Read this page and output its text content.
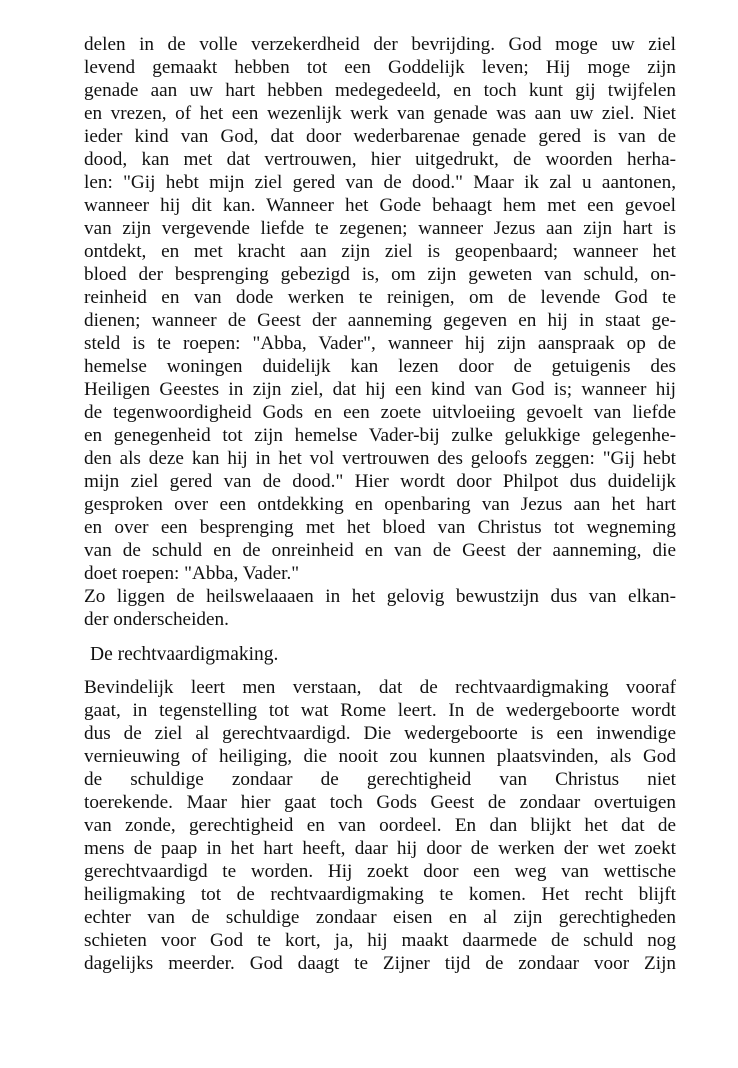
delen in de volle verzekerdheid der bevrijding. God moge uw ziel
levend gemaakt hebben tot een Goddelijk leven; Hij moge zijn
genade aan uw hart hebben medegedeeld, en toch kunt gij twijfelen
en vrezen, of het een wezenlijk werk van genade was aan uw ziel. Niet
ieder kind van God, dat door wederbarenae genade gered is van de
dood, kan met dat vertrouwen, hier uitgedrukt, de woorden herha-
len: "Gij hebt mijn ziel gered van de dood." Maar ik zal u aantonen,
wanneer hij dit kan. Wanneer het Gode behaagt hem met een gevoel
van zijn vergevende liefde te zegenen; wanneer Jezus aan zijn hart is
ontdekt, en met kracht aan zijn ziel is geopenbaard; wanneer het
bloed der besprenging gebezigd is, om zijn geweten van schuld, on-
reinheid en van dode werken te reinigen, om de levende God te
dienen; wanneer de Geest der aanneming gegeven en hij in staat ge-
steld is te roepen: "Abba, Vader", wanneer hij zijn aanspraak op de
hemelse woningen duidelijk kan lezen door de getuigenis des
Heiligen Geestes in zijn ziel, dat hij een kind van God is; wanneer hij
de tegenwoordigheid Gods en een zoete uitvloeiing gevoelt van liefde
en genegenheid tot zijn hemelse Vader-bij zulke gelukkige gelegenhe-
den als deze kan hij in het vol vertrouwen des geloofs zeggen: "Gij hebt
mijn ziel gered van de dood." Hier wordt door Philpot dus duidelijk
gesproken over een ontdekking en openbaring van Jezus aan het hart
en over een besprenging met het bloed van Christus tot wegneming
van de schuld en de onreinheid en van de Geest der aanneming, die
doet roepen: "Abba, Vader."
Zo liggen de heilswelaaaen in het gelovig bewustzijn dus van elkan-
der onderscheiden.
De rechtvaardigmaking.
Bevindelijk leert men verstaan, dat de rechtvaardigmaking vooraf
gaat, in tegenstelling tot wat Rome leert. In de wedergeboorte wordt
dus de ziel al gerechtvaardigd. Die wedergeboorte is een inwendige
vernieuwing of heiliging, die nooit zou kunnen plaatsvinden, als God
de schuldige zondaar de gerechtigheid van Christus niet
toerekende. Maar hier gaat toch Gods Geest de zondaar overtuigen
van zonde, gerechtigheid en van oordeel. En dan blijkt het dat de
mens de paap in het hart heeft, daar hij door de werken der wet zoekt
gerechtvaardigd te worden. Hij zoekt door een weg van wettische
heiligmaking tot de rechtvaardigmaking te komen. Het recht blijft
echter van de schuldige zondaar eisen en al zijn gerechtigheden
schieten voor God te kort, ja, hij maakt daarmede de schuld nog
dagelijks meerder. God daagt te Zijner tijd de zondaar voor Zijn
